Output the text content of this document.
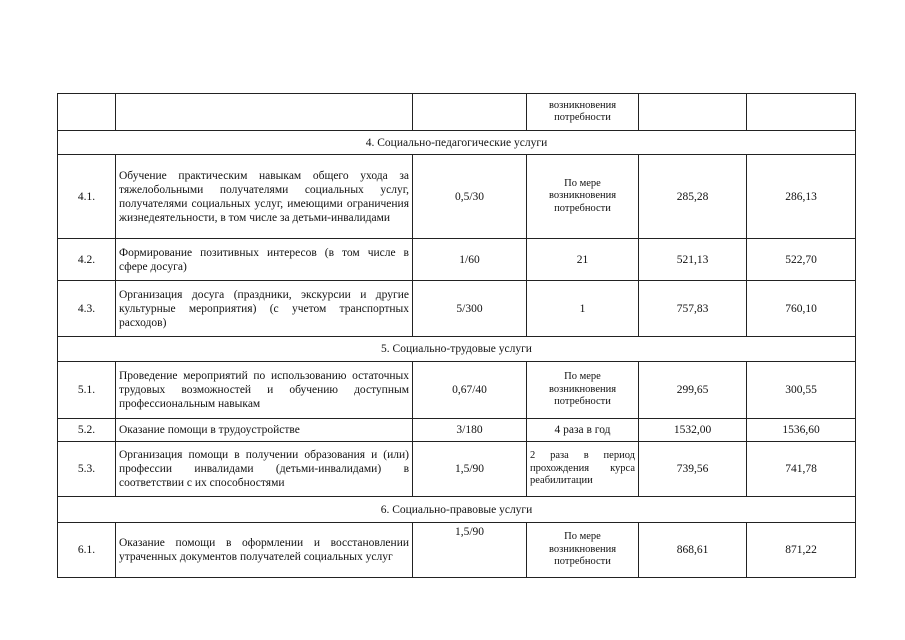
			возникновения потребности		
4. Социально-педагогические услуги					
4.1.	Обучение практическим навыкам общего ухода за тяжелобольными получателями социальных услуг, получателями социальных услуг, имеющими ограничения жизнедеятельности, в том числе за детьми-инвалидами	0,5/30	По мере возникновения потребности	285,28	286,13
4.2.	Формирование позитивных интересов (в том числе в сфере досуга)	1/60	21	521,13	522,70
4.3.	Организация досуга (праздники, экскурсии и другие культурные мероприятия) (с учетом транспортных расходов)	5/300	1	757,83	760,10
5. Социально-трудовые услуги					
5.1.	Проведение мероприятий по использованию остаточных трудовых возможностей и обучению доступным профессиональным навыкам	0,67/40	По мере возникновения потребности	299,65	300,55
5.2.	Оказание помощи в трудоустройстве	3/180	4 раза в год	1532,00	1536,60
5.3.	Организация помощи в получении образования и (или) профессии инвалидами (детьми-инвалидами) в соответствии с их способностями	1,5/90	2 раза в период прохождения курса реабилитации	739,56	741,78
6. Социально-правовые услуги					
6.1.	Оказание помощи в оформлении и восстановлении утраченных документов получателей социальных услуг	1,5/90	По мере возникновения потребности	868,61	871,22
